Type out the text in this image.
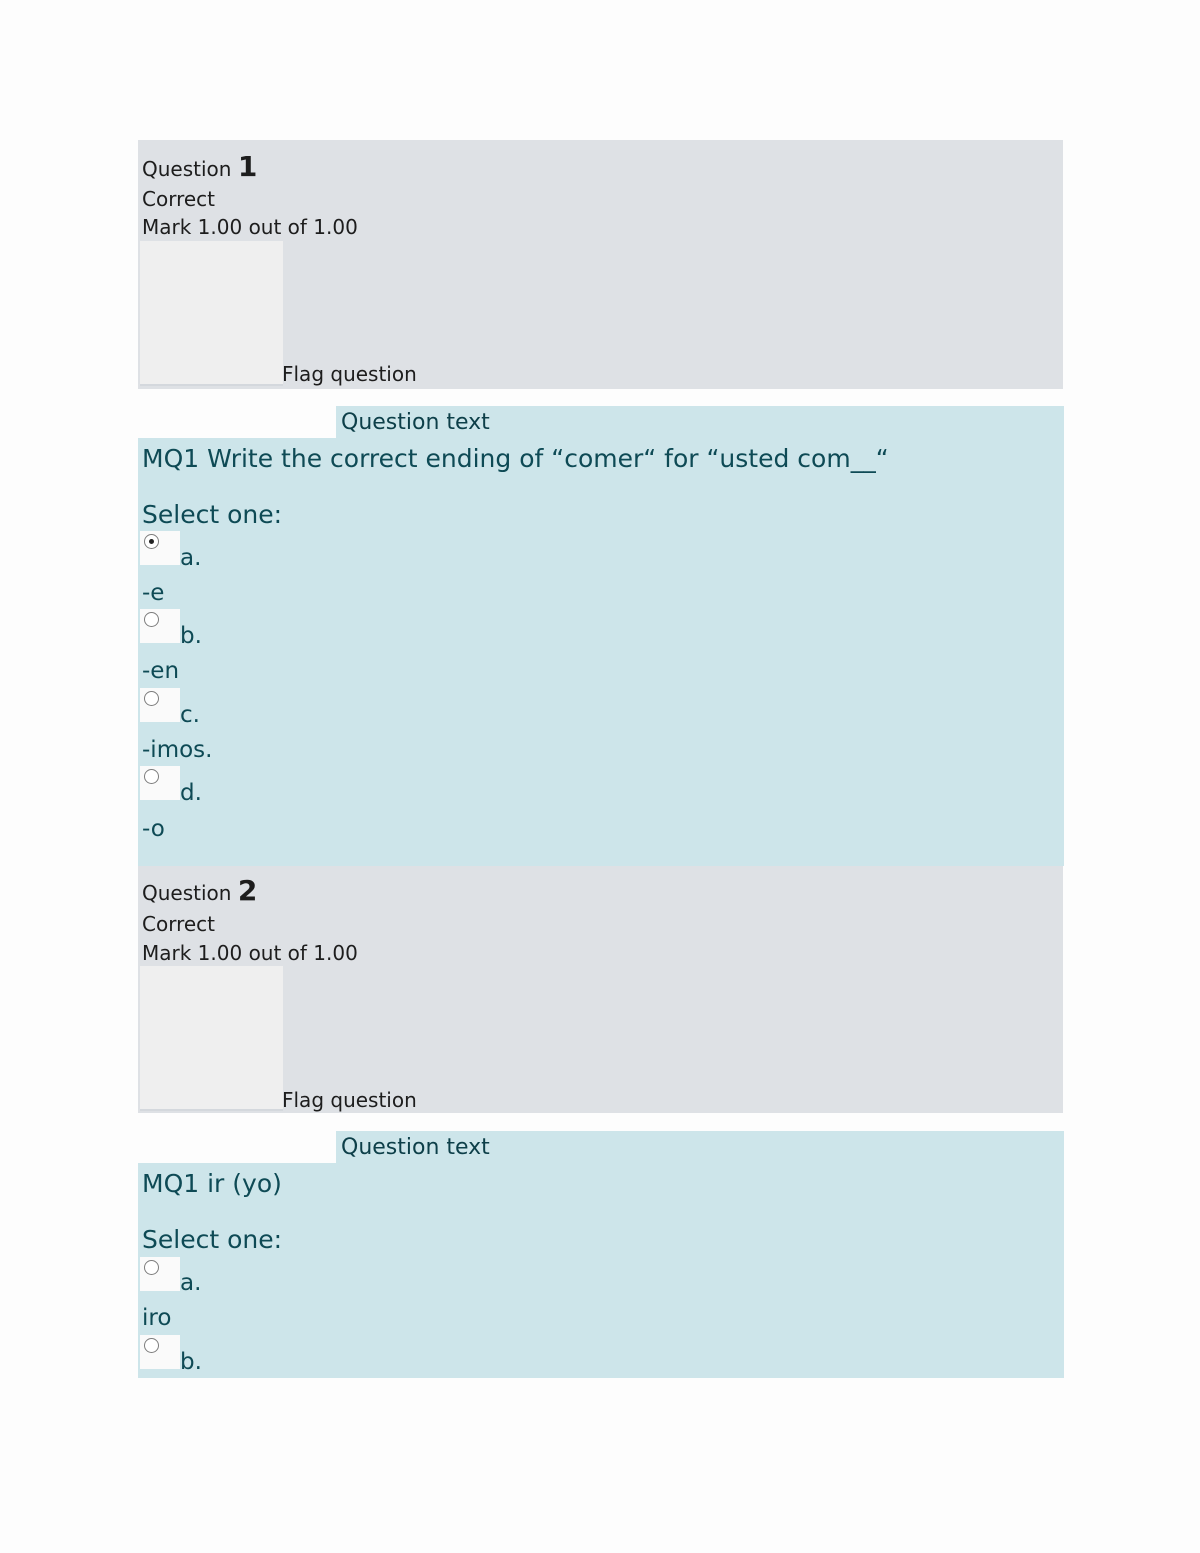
Question 1
Correct
Mark 1.00 out of 1.00
Flag question
Question text
MQ1 Write the correct ending of “comer“ for “usted com__“
Select one:
a.
-e
b.
-en
c.
-imos.
d.
-o
Question 2
Correct
Mark 1.00 out of 1.00
Flag question
Question text
MQ1 ir (yo)
Select one:
a.
iro
b.
